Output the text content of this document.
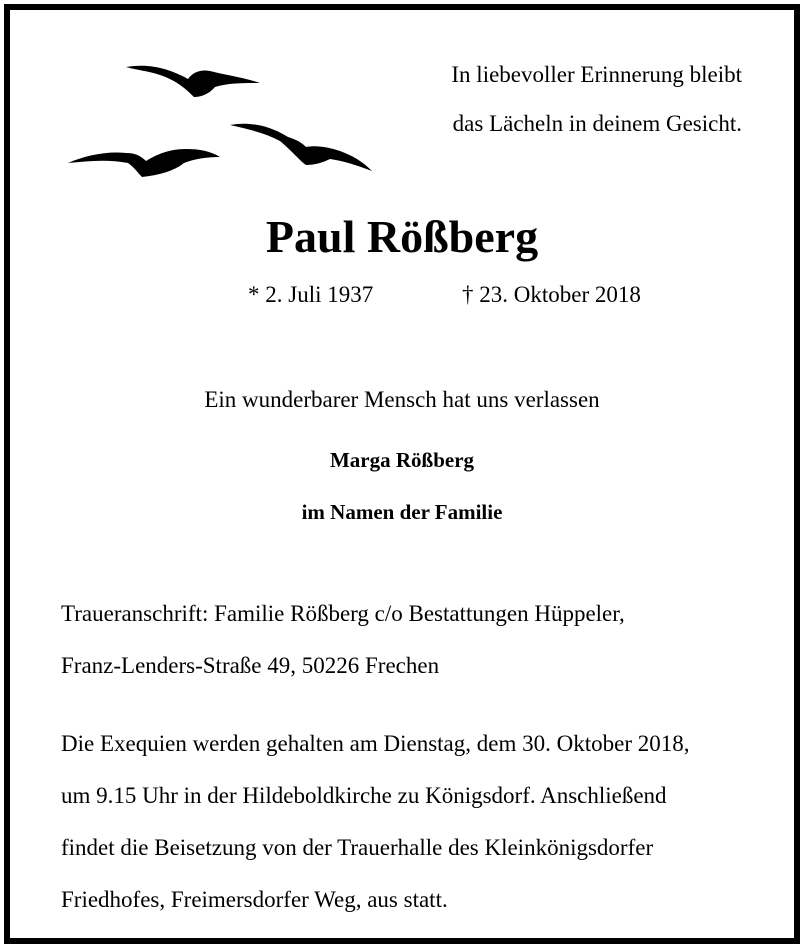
In liebevoller Erinnerung bleibt
das Lächeln in deinem Gesicht.
Paul Rößberg
* 2. Juli 1937	† 23. Oktober 2018
Ein wunderbarer Mensch hat uns verlassen
Marga Rößberg
im Namen der Familie
Traueranschrift: Familie Rößberg c/o Bestattungen Hüppeler,
Franz-Lenders-Straße 49, 50226 Frechen
Die Exequien werden gehalten am Dienstag, dem 30. Oktober 2018,
um 9.15 Uhr in der Hildeboldkirche zu Königsdorf. Anschließend
findet die Beisetzung von der Trauerhalle des Kleinkönigsdorfer
Friedhofes, Freimersdorfer Weg, aus statt.
